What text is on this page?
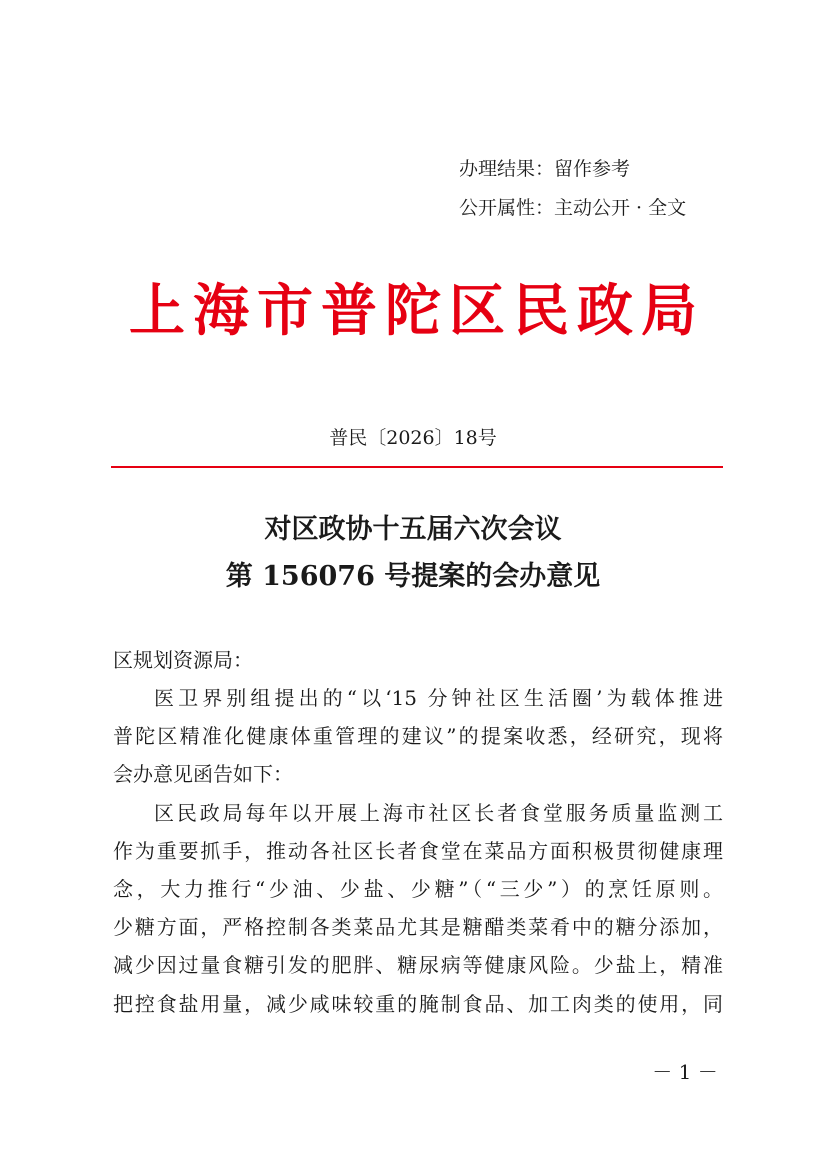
办理结果：留作参考
公开属性：主动公开 · 全文
上海市普陀区民政局
普民〔2026〕18号
对区政协十五届六次会议
第 156076 号提案的会办意见
区规划资源局：
医卫界别组提出的“以‘15 分钟社区生活圈’为载体推进
普陀区精准化健康体重管理的建议”的提案收悉，经研究，现将
会办意见函告如下：
区民政局每年以开展上海市社区长者食堂服务质量监测工
作为重要抓手，推动各社区长者食堂在菜品方面积极贯彻健康理
念，大力推行“少油、少盐、少糖”（“三少”）的烹饪原则。
少糖方面，严格控制各类菜品尤其是糖醋类菜肴中的糖分添加，
减少因过量食糖引发的肥胖、糖尿病等健康风险。少盐上，精准
把控食盐用量，减少咸味较重的腌制食品、加工肉类的使用，同
－ 1 －
